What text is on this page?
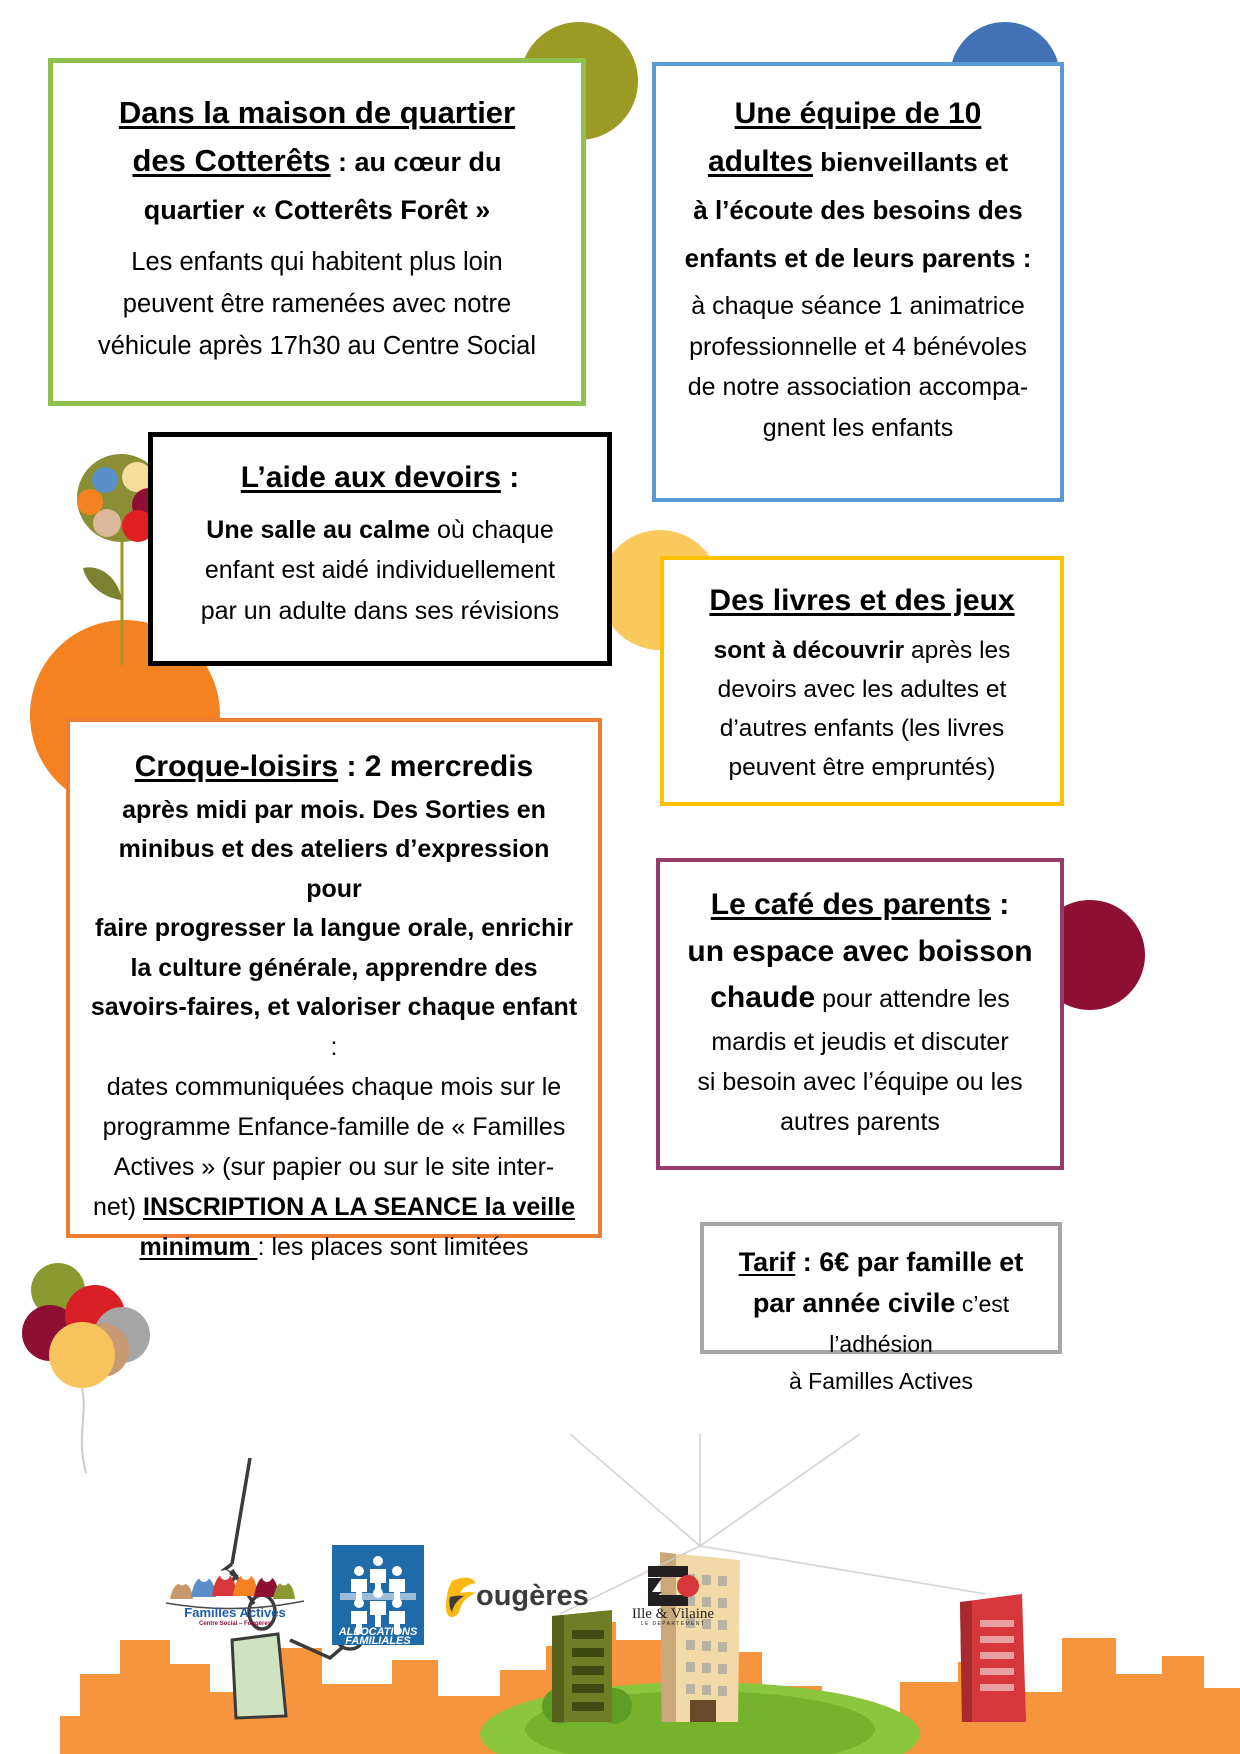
Familles Actives
Centre Social – Fougères
ALLOCATIONS
FAMILIALES
ougères
Ille & Vilaine
LE DEPARTEMENT

Dans la maison de quartier

des Cotterêts : au cœur du

quartier « Cotterêts Forêt »

Les enfants qui habitent plus loin

peuvent être ramenées avec notre

véhicule après 17h30 au Centre Social

Une équipe de 10

adultes bienveillants et

à l’écoute des besoins des

enfants et de leurs parents :

à chaque séance 1 animatrice

professionnelle et 4 bénévoles

de notre association accompa-

gnent les enfants

L’aide aux devoirs :

Une salle au calme où chaque

enfant est aidé individuellement

par un adulte dans ses révisions

Croque-loisirs : 2 mercredis

après midi par mois. Des Sorties en

minibus et des ateliers d’expression pour

faire progresser la langue orale, enrichir

la culture générale, apprendre des

savoirs-faires, et valoriser chaque enfant :

dates communiquées chaque mois sur le

programme Enfance-famille de « Familles

Actives » (sur papier ou sur le site inter-

net) INSCRIPTION A LA SEANCE la veille

minimum : les places sont limitées

Des livres et des jeux

sont à découvrir après les

devoirs avec les adultes et

d’autres enfants (les livres

peuvent être empruntés)

Le café des parents :

un espace avec boisson

chaude pour attendre les

mardis et jeudis et discuter

si besoin avec l’équipe ou les

autres parents

Tarif : 6€ par famille et

par année civile c’est l’adhésion

à Familles Actives
